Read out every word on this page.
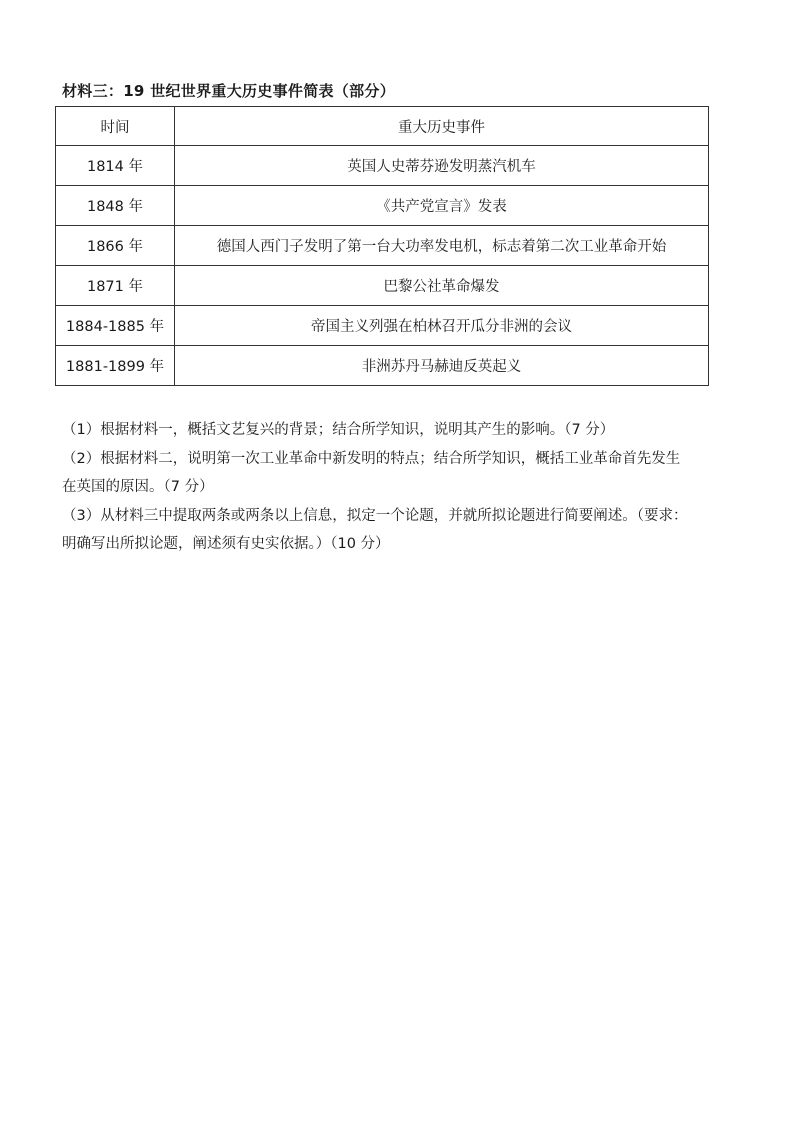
材料三：19 世纪世界重大历史事件简表（部分）
时间	重大历史事件
1814 年	英国人史蒂芬逊发明蒸汽机车
1848 年	《共产党宣言》发表
1866 年	德国人西门子发明了第一台大功率发电机，标志着第二次工业革命开始
1871 年	巴黎公社革命爆发
1884-1885 年	帝国主义列强在柏林召开瓜分非洲的会议
1881-1899 年	非洲苏丹马赫迪反英起义

（1）根据材料一，概括文艺复兴的背景；结合所学知识，说明其产生的影响。（7 分）

（2）根据材料二，说明第一次工业革命中新发明的特点；结合所学知识，概括工业革命首先发生

在英国的原因。（7 分）

（3）从材料三中提取两条或两条以上信息，拟定一个论题，并就所拟论题进行简要阐述。（要求：

明确写出所拟论题，阐述须有史实依据。）（10 分）
